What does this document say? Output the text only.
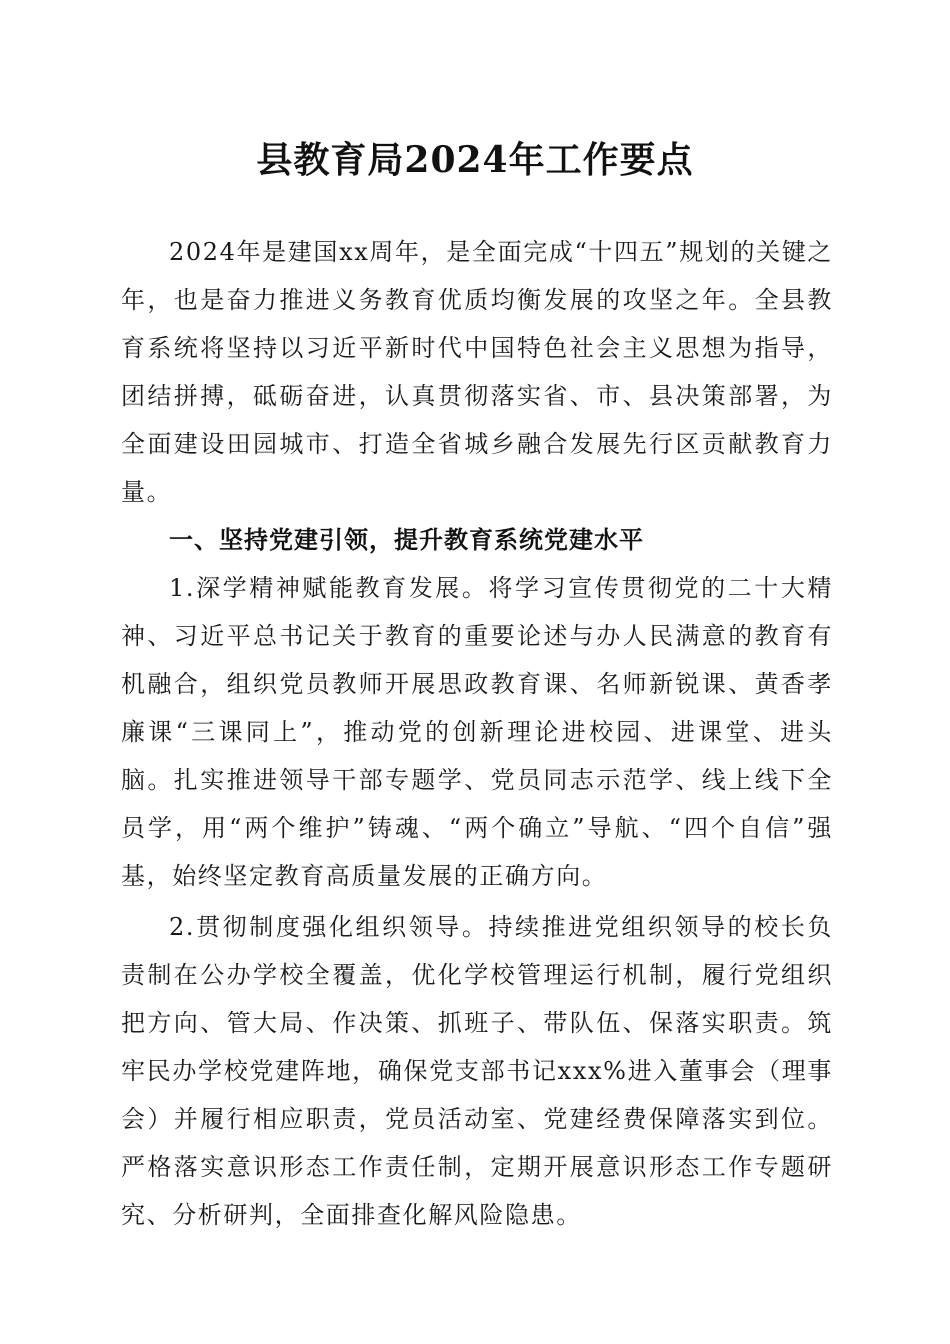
县教育局2024年工作要点

2024年是建国xx周年，是全面完成“十四五”规划的关键之年，也是奋力推进义务教育优质均衡发展的攻坚之年。全县教育系统将坚持以习近平新时代中国特色社会主义思想为指导，团结拼搏，砥砺奋进，认真贯彻落实省、市、县决策部署，为全面建设田园城市、打造全省城乡融合发展先行区贡献教育力量。

一、坚持党建引领，提升教育系统党建水平

1.深学精神赋能教育发展。将学习宣传贯彻党的二十大精神、习近平总书记关于教育的重要论述与办人民满意的教育有机融合，组织党员教师开展思政教育课、名师新锐课、黄香孝廉课“三课同上”，推动党的创新理论进校园、进课堂、进头脑。扎实推进领导干部专题学、党员同志示范学、线上线下全员学，用“两个维护”铸魂、“两个确立”导航、“四个自信”强基，始终坚定教育高质量发展的正确方向。

2.贯彻制度强化组织领导。持续推进党组织领导的校长负责制在公办学校全覆盖，优化学校管理运行机制，履行党组织把方向、管大局、作决策、抓班子、带队伍、保落实职责。筑牢民办学校党建阵地，确保党支部书记xxx%进入董事会（理事会）并履行相应职责，党员活动室、党建经费保障落实到位。严格落实意识形态工作责任制，定期开展意识形态工作专题研究、分析研判，全面排查化解风险隐患。
